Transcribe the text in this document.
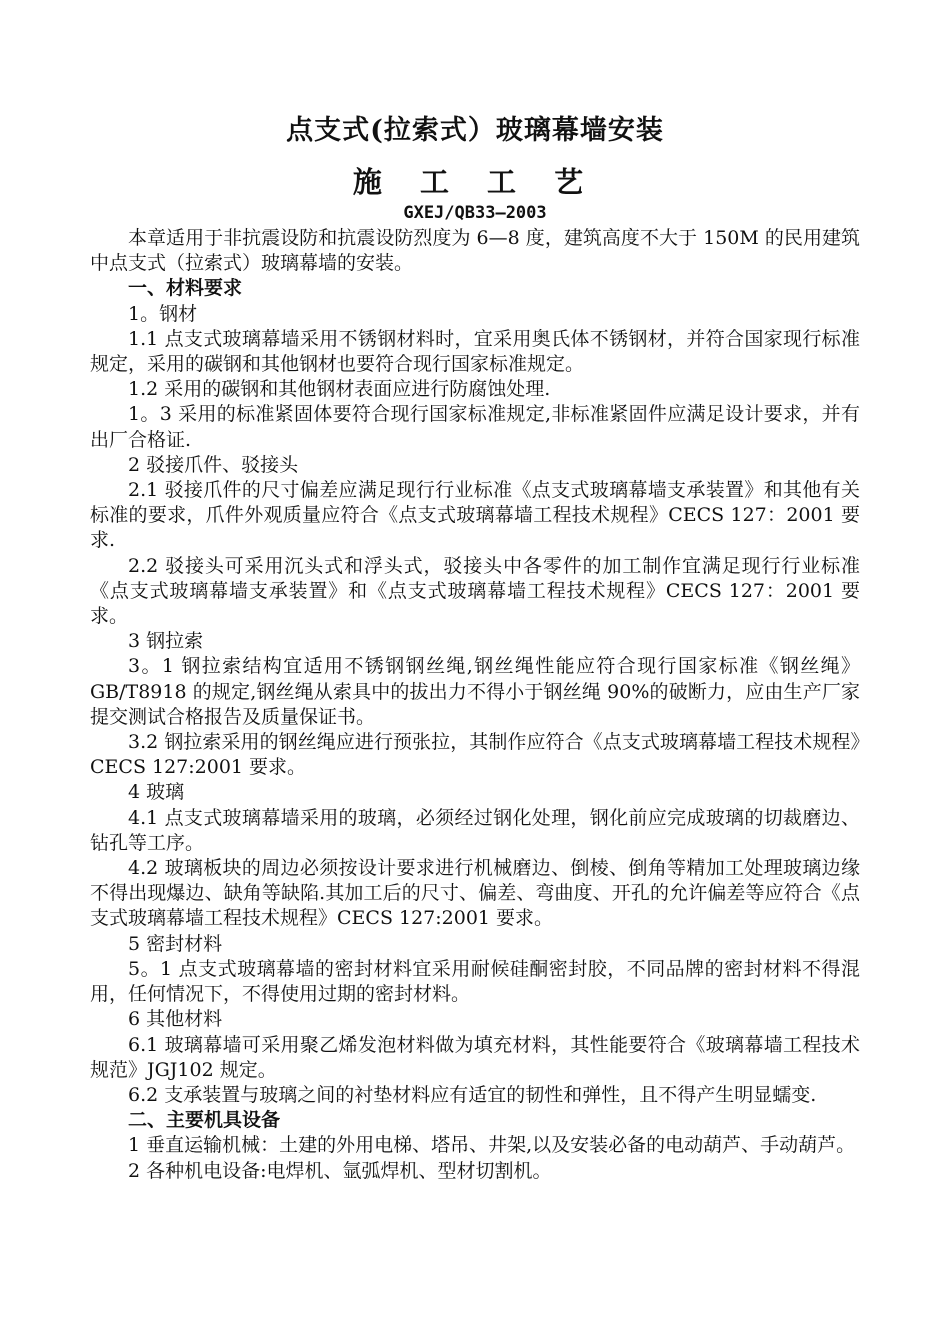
点支式(拉索式）玻璃幕墙安装
施 工 工 艺
GXEJ/QB33—2003

本章适用于非抗震设防和抗震设防烈度为 6—8 度，建筑高度不大于 150M 的民用建筑中点支式（拉索式）玻璃幕墙的安装。

一、材料要求

1。钢材

1.1 点支式玻璃幕墙采用不锈钢材料时，宜采用奥氏体不锈钢材，并符合国家现行标准规定，采用的碳钢和其他钢材也要符合现行国家标准规定。

1.2 采用的碳钢和其他钢材表面应进行防腐蚀处理.

1。3 采用的标准紧固体要符合现行国家标准规定,非标准紧固件应满足设计要求，并有出厂合格证.

2 驳接爪件、驳接头

2.1 驳接爪件的尺寸偏差应满足现行行业标准《点支式玻璃幕墙支承装置》和其他有关标准的要求，爪件外观质量应符合《点支式玻璃幕墙工程技术规程》CECS 127：2001 要求.

2.2 驳接头可采用沉头式和浮头式，驳接头中各零件的加工制作宜满足现行行业标准《点支式玻璃幕墙支承装置》和《点支式玻璃幕墙工程技术规程》CECS 127：2001 要求。

3 钢拉索

3。1 钢拉索结构宜适用不锈钢钢丝绳,钢丝绳性能应符合现行国家标准《钢丝绳》GB/T8918 的规定,钢丝绳从索具中的拔出力不得小于钢丝绳 90%的破断力，应由生产厂家提交测试合格报告及质量保证书。

3.2 钢拉索采用的钢丝绳应进行预张拉，其制作应符合《点支式玻璃幕墙工程技术规程》CECS 127:2001 要求。

4 玻璃

4.1 点支式玻璃幕墙采用的玻璃，必须经过钢化处理，钢化前应完成玻璃的切裁磨边、钻孔等工序。

4.2 玻璃板块的周边必须按设计要求进行机械磨边、倒棱、倒角等精加工处理玻璃边缘不得出现爆边、缺角等缺陷.其加工后的尺寸、偏差、弯曲度、开孔的允许偏差等应符合《点支式玻璃幕墙工程技术规程》CECS 127:2001 要求。

5 密封材料

5。1 点支式玻璃幕墙的密封材料宜采用耐候硅酮密封胶，不同品牌的密封材料不得混用，任何情况下，不得使用过期的密封材料。

6 其他材料

6.1 玻璃幕墙可采用聚乙烯发泡材料做为填充材料，其性能要符合《玻璃幕墙工程技术规范》JGJ102 规定。

6.2 支承装置与玻璃之间的衬垫材料应有适宜的韧性和弹性，且不得产生明显蠕变.

二、主要机具设备

1 垂直运输机械：土建的外用电梯、塔吊、井架,以及安装必备的电动葫芦、手动葫芦。

2 各种机电设备:电焊机、氩弧焊机、型材切割机。
